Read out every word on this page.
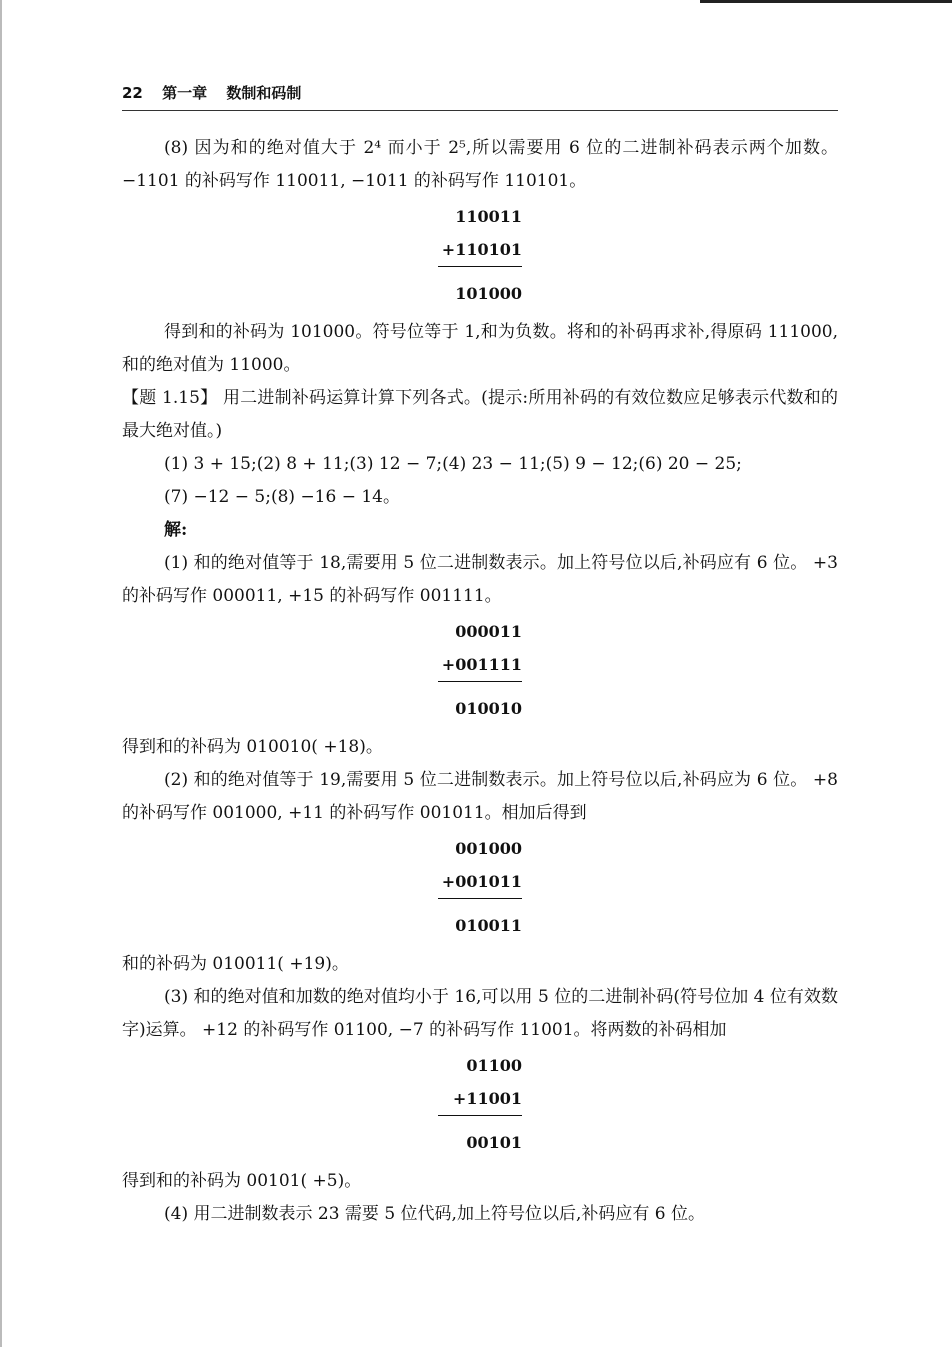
22 第一章 数制和码制

(8) 因为和的绝对值大于 2⁴ 而小于 2⁵,所以需要用 6 位的二进制补码表示两个加数。 −1101 的补码写作 110011, −1011 的补码写作 110101。

110011
+110101
101000

得到和的补码为 101000。符号位等于 1,和为负数。将和的补码再求补,得原码 111000,和的绝对值为 11000。

【题 1.15】 用二进制补码运算计算下列各式。(提示:所用补码的有效位数应足够表示代数和的最大绝对值。)

(1) 3 + 15;(2) 8 + 11;(3) 12 − 7;(4) 23 − 11;(5) 9 − 12;(6) 20 − 25;

(7) −12 − 5;(8) −16 − 14。

解:

(1) 和的绝对值等于 18,需要用 5 位二进制数表示。加上符号位以后,补码应有 6 位。 +3 的补码写作 000011, +15 的补码写作 001111。

000011
+001111
010010

得到和的补码为 010010( +18)。

(2) 和的绝对值等于 19,需要用 5 位二进制数表示。加上符号位以后,补码应为 6 位。 +8 的补码写作 001000, +11 的补码写作 001011。相加后得到

001000
+001011
010011

和的补码为 010011( +19)。

(3) 和的绝对值和加数的绝对值均小于 16,可以用 5 位的二进制补码(符号位加 4 位有效数字)运算。 +12 的补码写作 01100, −7 的补码写作 11001。将两数的补码相加

01100
+11001
00101

得到和的补码为 00101( +5)。

(4) 用二进制数表示 23 需要 5 位代码,加上符号位以后,补码应有 6 位。
